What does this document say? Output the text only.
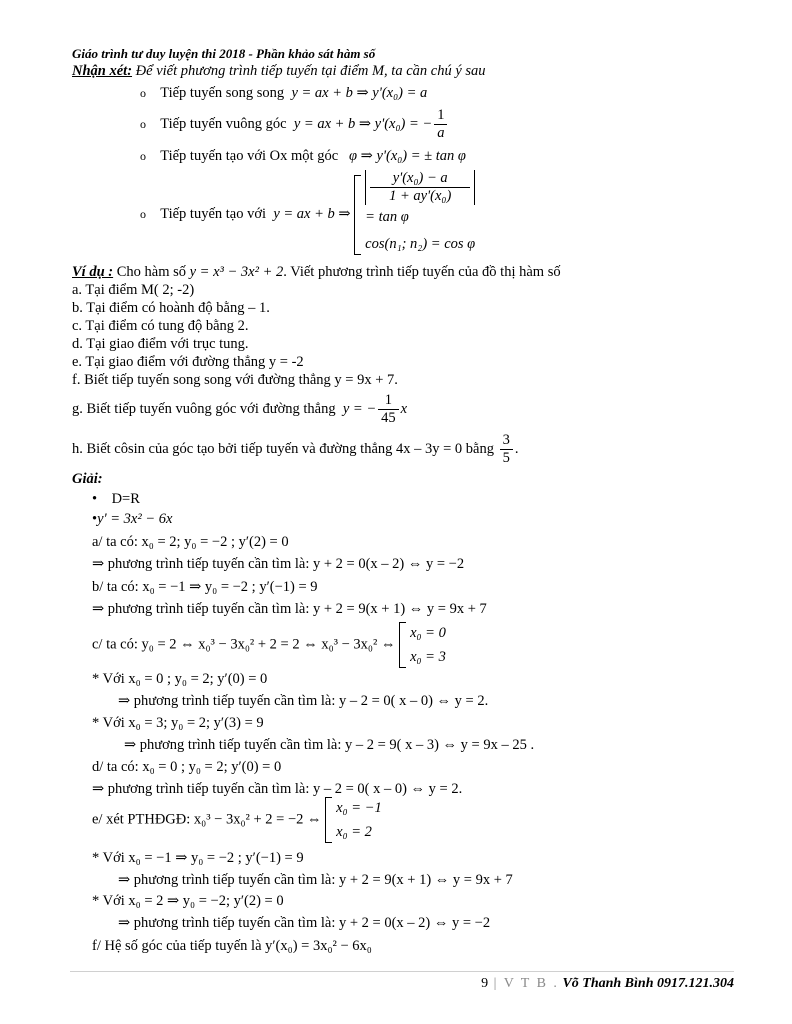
Giáo trình tư duy luyện thi 2018 - Phần khảo sát hàm số
Nhận xét: Để viết phương trình tiếp tuyến tại điểm M, ta cần chú ý sau
o Tiếp tuyến song song y = ax + b ⇒ y'(x₀) = a
o Tiếp tuyến vuông góc y = ax + b ⇒ y'(x₀) = − $\frac{1}{a}$
o Tiếp tuyến tạo với Ox một góc φ ⇒ y'(x₀) = ± tan φ
o Tiếp tuyến tạo với y = ax + b ⇒
y'(x₀) − a
1 + ay'(x₀)
= tan φ
cos(n₁; n₂) = cos φ
Ví dụ : Cho hàm số y = x³ − 3x² + 2. Viết phương trình tiếp tuyến của đồ thị hàm số
a. Tại điểm M( 2; -2)
b. Tại điểm có hoành độ bằng – 1.
c. Tại điểm có tung độ bằng 2.
d. Tại giao điểm với trục tung.
e. Tại giao điểm với đường thẳng y = -2
f. Biết tiếp tuyến song song với đường thẳng y = 9x + 7.
g. Biết tiếp tuyến vuông góc với đường thẳng y = − $\frac{1}{45}$ x
h. Biết côsin của góc tạo bởi tiếp tuyến và đường thẳng 4x – 3y = 0 bằng $\frac{3}{5}$ .
Giải:
• D=R
•y' = 3x² − 6x
a/ ta có: x₀ = 2; y₀ = −2 ; y′(2) = 0
⇒ phương trình tiếp tuyến cần tìm là: y + 2 = 0(x – 2) ⇔ y = −2
b/ ta có: x₀ = −1 ⇒ y₀ = −2 ; y′(−1) = 9
⇒ phương trình tiếp tuyến cần tìm là: y + 2 = 9(x + 1) ⇔ y = 9x + 7
c/ ta có: y₀ = 2 ⇔ x₀³ − 3x₀² + 2 = 2 ⇔ x₀³ − 3x₀² ⇔
x₀ = 0
x₀ = 3
* Với x₀ = 0 ; y₀ = 2; y′(0) = 0
⇒ phương trình tiếp tuyến cần tìm là: y – 2 = 0( x – 0) ⇔ y = 2.
* Với x₀ = 3; y₀ = 2; y′(3) = 9
⇒ phương trình tiếp tuyến cần tìm là: y – 2 = 9( x – 3) ⇔ y = 9x – 25 .
d/ ta có: x₀ = 0 ; y₀ = 2; y′(0) = 0
⇒ phương trình tiếp tuyến cần tìm là: y – 2 = 0( x – 0) ⇔ y = 2.
e/ xét PTHĐGĐ: x₀³ − 3x₀² + 2 = −2 ⇔
x₀ = −1
x₀ = 2
* Với x₀ = −1 ⇒ y₀ = −2 ; y′(−1) = 9
⇒ phương trình tiếp tuyến cần tìm là: y + 2 = 9(x + 1) ⇔ y = 9x + 7
* Với x₀ = 2 ⇒ y₀ = −2; y′(2) = 0
⇒ phương trình tiếp tuyến cần tìm là: y + 2 = 0(x – 2) ⇔ y = −2
f/ Hệ số góc của tiếp tuyến là y′(x₀) = 3x₀² − 6x₀
9 | V T B . Võ Thanh Bình 0917.121.304
